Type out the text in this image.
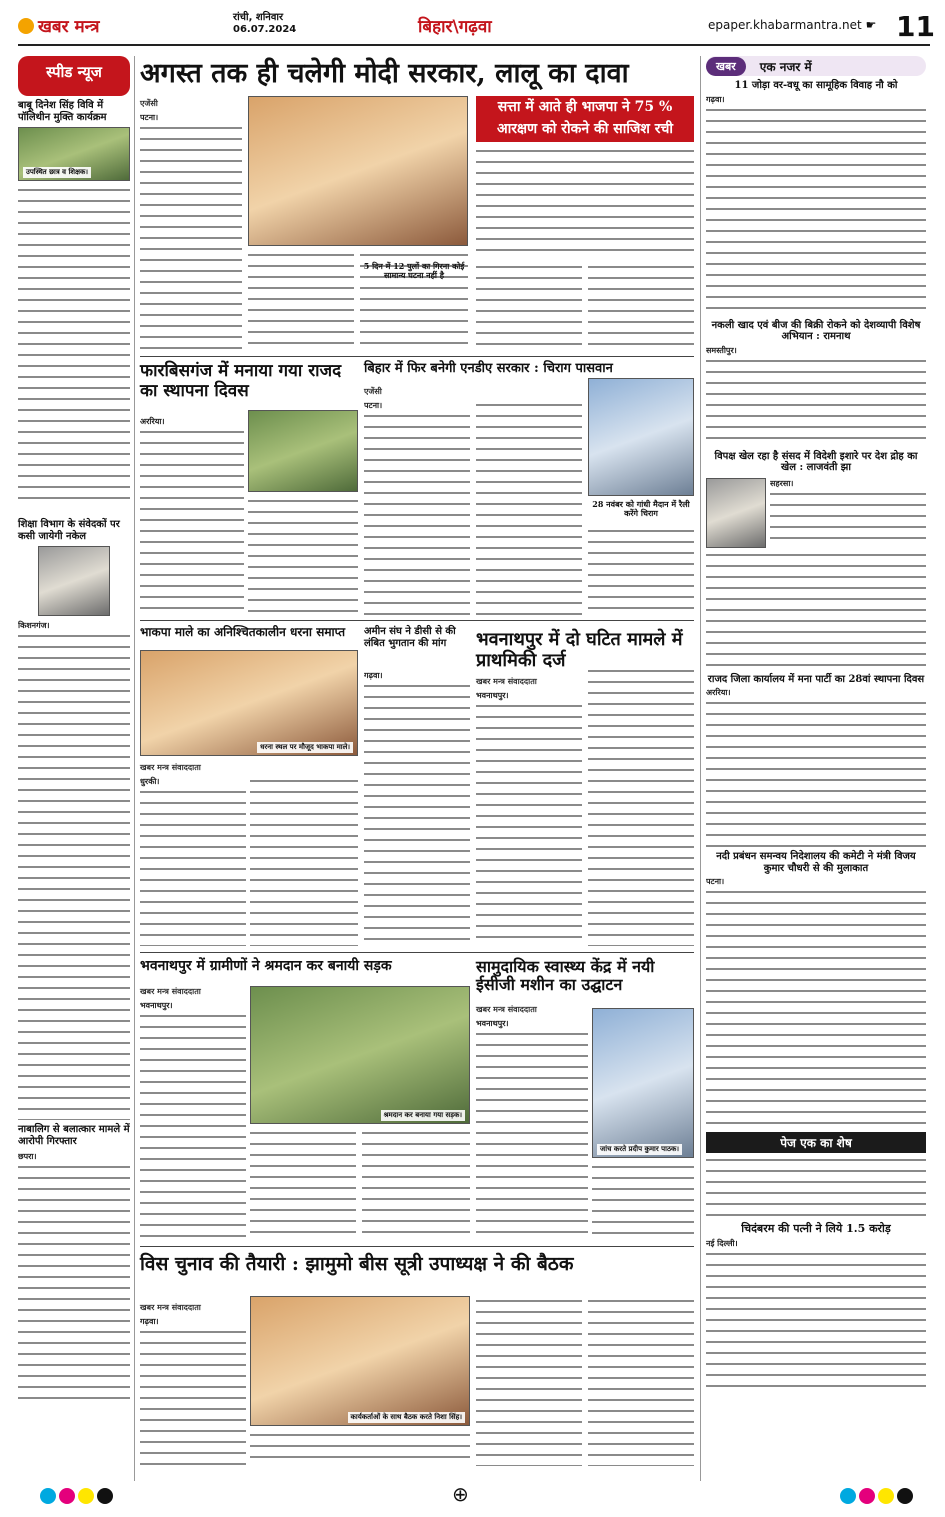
खबर मन्त्र	रांची, शनिवार
06.07.2024	बिहार\गढ़वा	epaper.khabarmantra.net ☛ 11
स्पीड न्यूज
बाबू दिनेश सिंह विवि में पॉलिथीन मुक्ति कार्यक्रम
उपस्थित छात्र व शिक्षक।
शिक्षा विभाग के संवेदकों पर कसी जायेगी नकेल
किशनगंज।
नाबालिग से बलात्कार मामले में आरोपी गिरफ्तार
छपरा।
अगस्त तक ही चलेगी मोदी सरकार, लालू का दावा
एजेंसी
पटना।
सत्ता में आते ही भाजपा ने 75 % आरक्षण को रोकने की साजिश रची
5 दिन में 12 पुलों का गिरना कोई सामान्य घटना नहीं है
फारबिसगंज में मनाया गया राजद का स्थापना दिवस
अररिया।
बिहार में फिर बनेगी एनडीए सरकार : चिराग पासवान
एजेंसी
पटना।
28 नवंबर को गांधी मैदान में रैली करेंगे चिराग
भाकपा माले का अनिश्चितकालीन धरना समाप्त
धरना स्थल पर मौजूद भाकपा माले।
खबर मन्त्र संवाददाता
धुरकी।
अमीन संघ ने डीसी से की लंबित भुगतान की मांग
गढ़वा।
भवनाथपुर में दो घटित मामले में प्राथमिकी दर्ज
खबर मन्त्र संवाददाता
भवनाथपुर।
भवनाथपुर में ग्रामीणों ने श्रमदान कर बनायी सड़क
खबर मन्त्र संवाददाता
भवनाथपुर।
श्रमदान कर बनाया गया सड़क।
सामुदायिक स्वास्थ्य केंद्र में नयी ईसीजी मशीन का उद्घाटन
खबर मन्त्र संवाददाता
भवनाथपुर।
जांच करते प्रदीप कुमार पाठक।
विस चुनाव की तैयारी : झामुमो बीस सूत्री उपाध्यक्ष ने की बैठक
खबर मन्त्र संवाददाता
गढ़वा।
कार्यकर्ताओं के साथ बैठक करते निशा सिंह।
खबर	एक नजर में
11 जोड़ा वर-वधू का सामूहिक विवाह नौ को
गढ़वा।
नकली खाद एवं बीज की बिक्री रोकने को देशव्यापी विशेष अभियान : रामनाथ
समस्तीपुर।
विपक्ष खेल रहा है संसद में विदेशी इशारे पर देश द्रोह का खेल : लाजवंती झा
सहरसा।
राजद जिला कार्यालय में मना पार्टी का 28वां स्थापना दिवस
अररिया।
नदी प्रबंधन समन्वय निदेशालय की कमेटी ने मंत्री विजय कुमार चौधरी से की मुलाकात
पटना।
पेज एक का शेष
चिदंबरम की पत्नी ने लिये 1.5 करोड़
नई दिल्ली।
⊕
